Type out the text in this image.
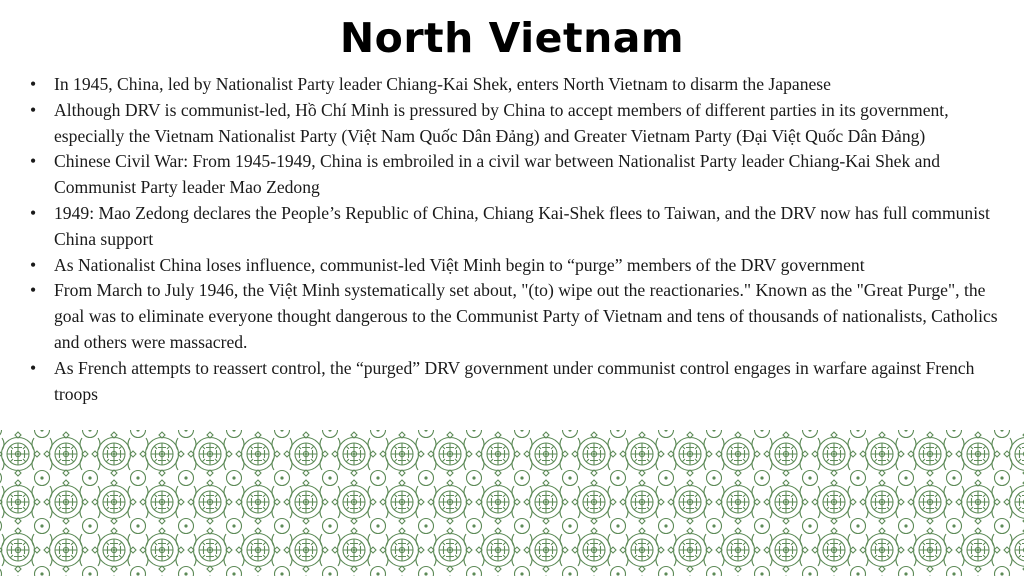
North Vietnam
•	In 1945, China, led by Nationalist Party leader Chiang-Kai Shek, enters North Vietnam to disarm the Japanese
•	Although DRV is communist-led, Hồ Chí Minh is pressured by China to accept members of different parties in its government, especially the Vietnam Nationalist Party (Việt Nam Quốc Dân Đảng) and Greater Vietnam Party (Đại Việt Quốc Dân Đảng)
•	Chinese Civil War: From 1945-1949, China is embroiled in a civil war between Nationalist Party leader Chiang-Kai Shek and Communist Party leader Mao Zedong
•	1949: Mao Zedong declares the People’s Republic of China, Chiang Kai-Shek flees to Taiwan, and the DRV now has full communist China support
•	As Nationalist China loses influence, communist-led Việt Minh begin to “purge” members of the DRV government
•	From March to July 1946, the Việt Minh systematically set about, "(to) wipe out the reactionaries." Known as the "Great Purge", the goal was to eliminate everyone thought dangerous to the Communist Party of Vietnam and tens of thousands of nationalists, Catholics and others were massacred.
•	As French attempts to reassert control, the “purged” DRV government under communist control engages in warfare against French troops
